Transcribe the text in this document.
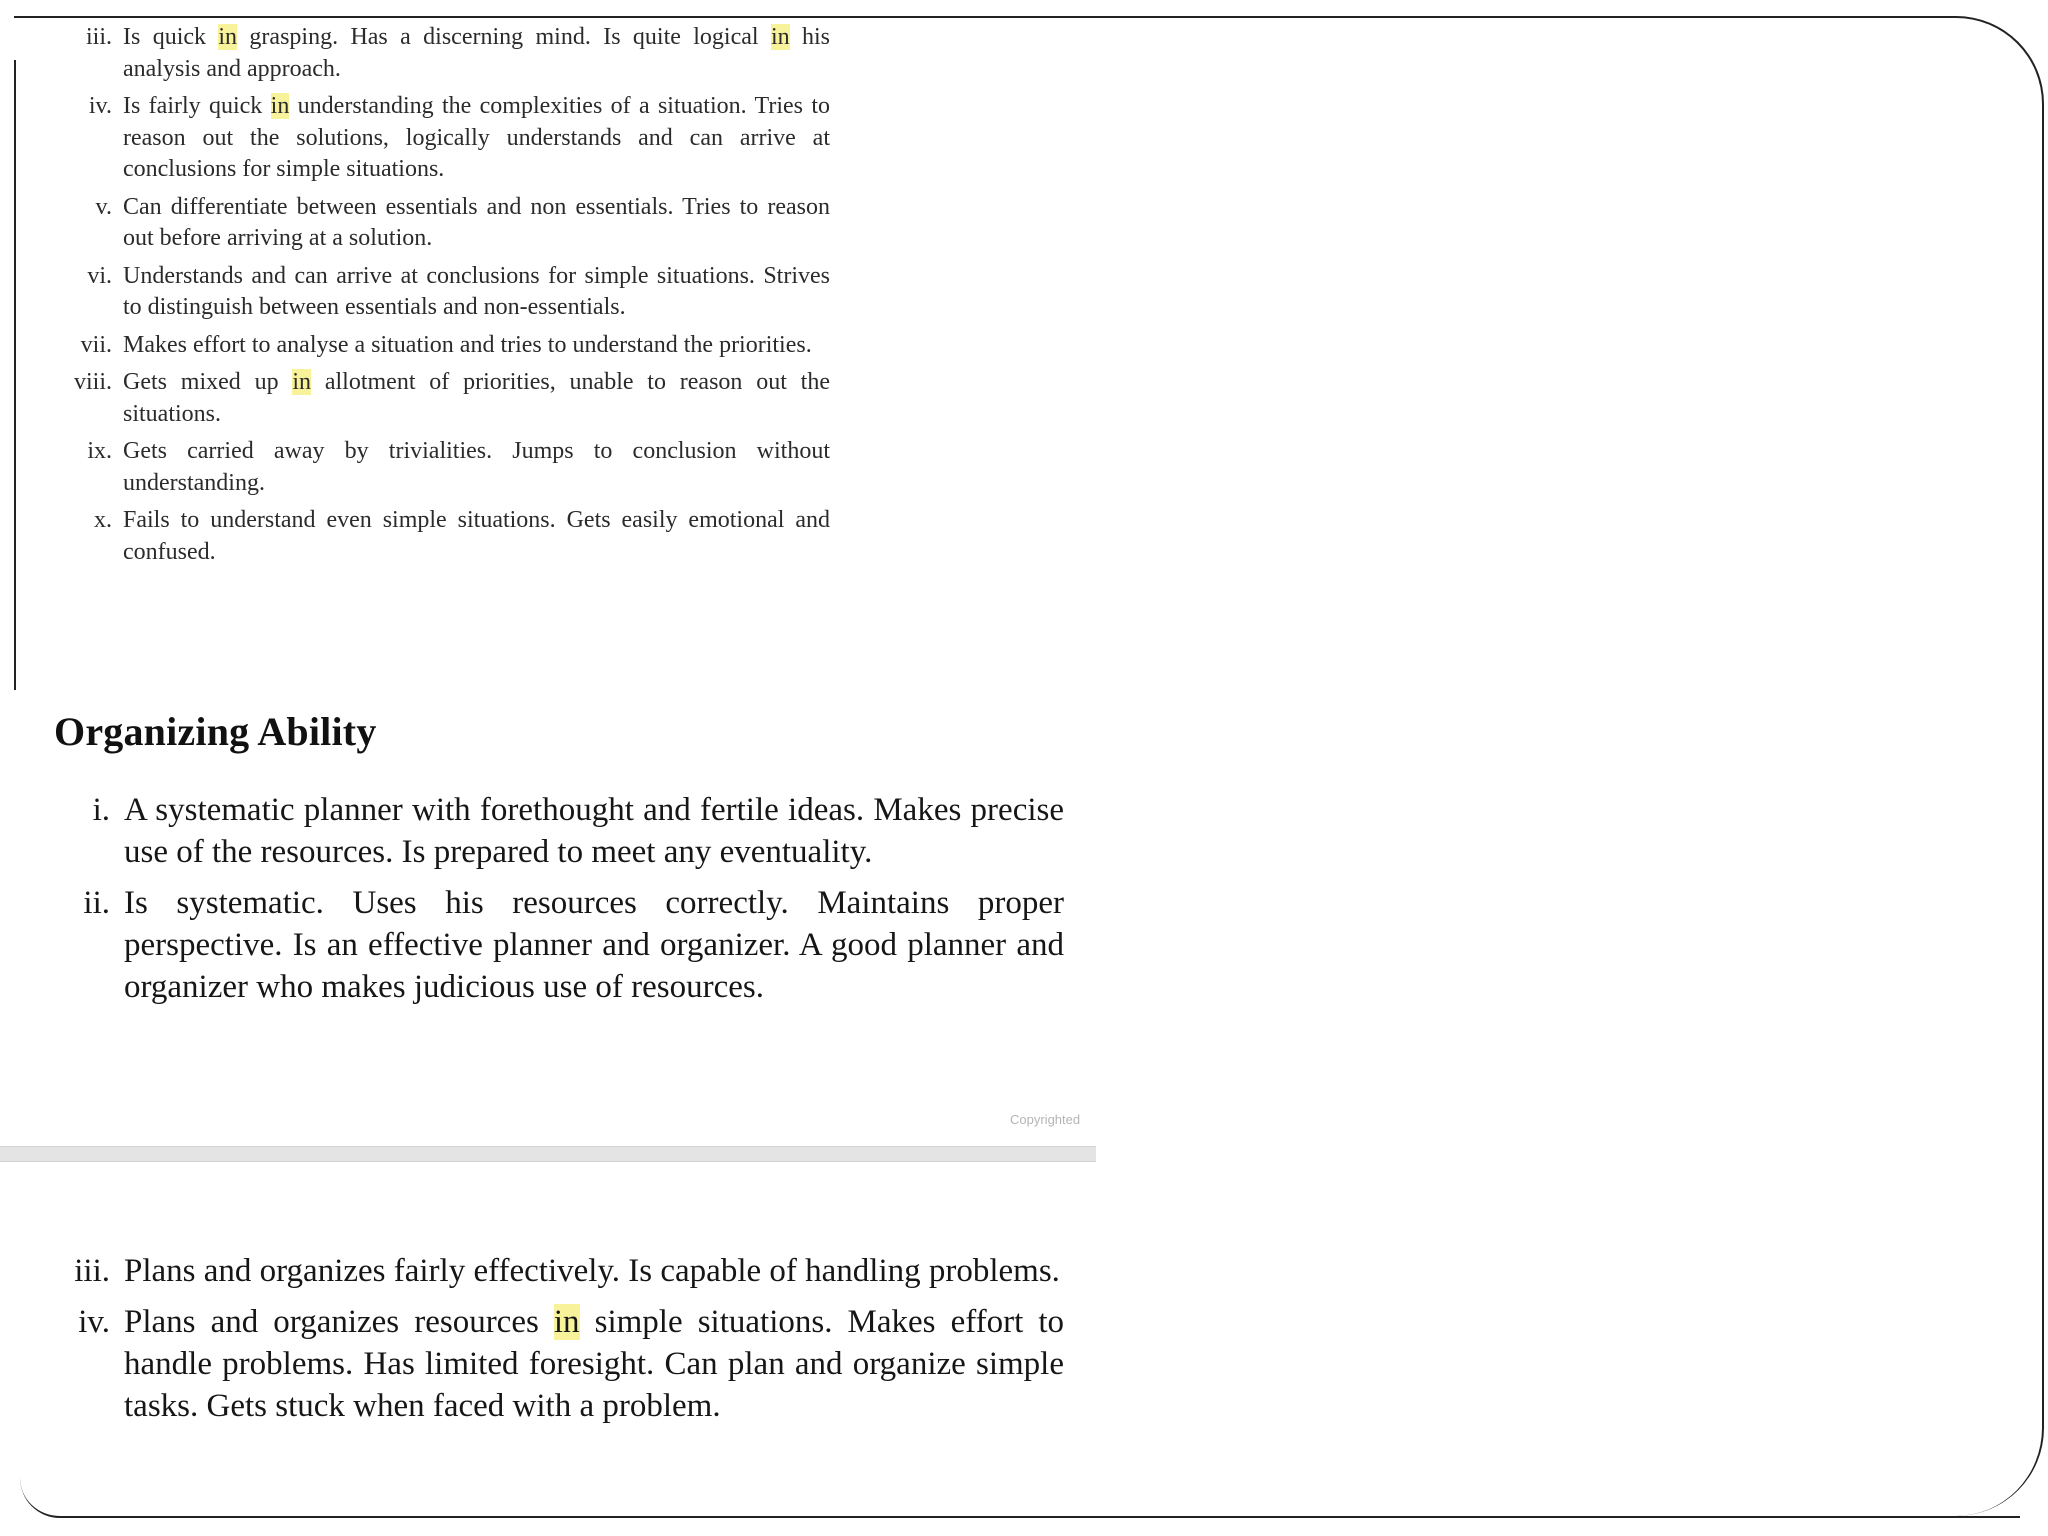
iii. Is quick in grasping. Has a discerning mind. Is quite logical in his analysis and approach.
iv. Is fairly quick in understanding the complexities of a situation. Tries to reason out the solutions, logically understands and can arrive at conclusions for simple situations.
v. Can differentiate between essentials and non essentials. Tries to reason out before arriving at a solution.
vi. Understands and can arrive at conclusions for simple situations. Strives to distinguish between essentials and non-essentials.
vii. Makes effort to analyse a situation and tries to understand the priorities.
viii. Gets mixed up in allotment of priorities, unable to reason out the situations.
ix. Gets carried away by trivialities. Jumps to conclusion without understanding.
x. Fails to understand even simple situations. Gets easily emotional and confused.
Organizing Ability
i. A systematic planner with forethought and fertile ideas. Makes precise use of the resources. Is prepared to meet any eventuality.
ii. Is systematic. Uses his resources correctly. Maintains proper perspective. Is an effective planner and organizer. A good planner and organizer who makes judicious use of resources.
Copyrighted
iii. Plans and organizes fairly effectively. Is capable of handling problems.
iv. Plans and organizes resources in simple situations. Makes effort to handle problems. Has limited foresight. Can plan and organize simple tasks. Gets stuck when faced with a problem.
